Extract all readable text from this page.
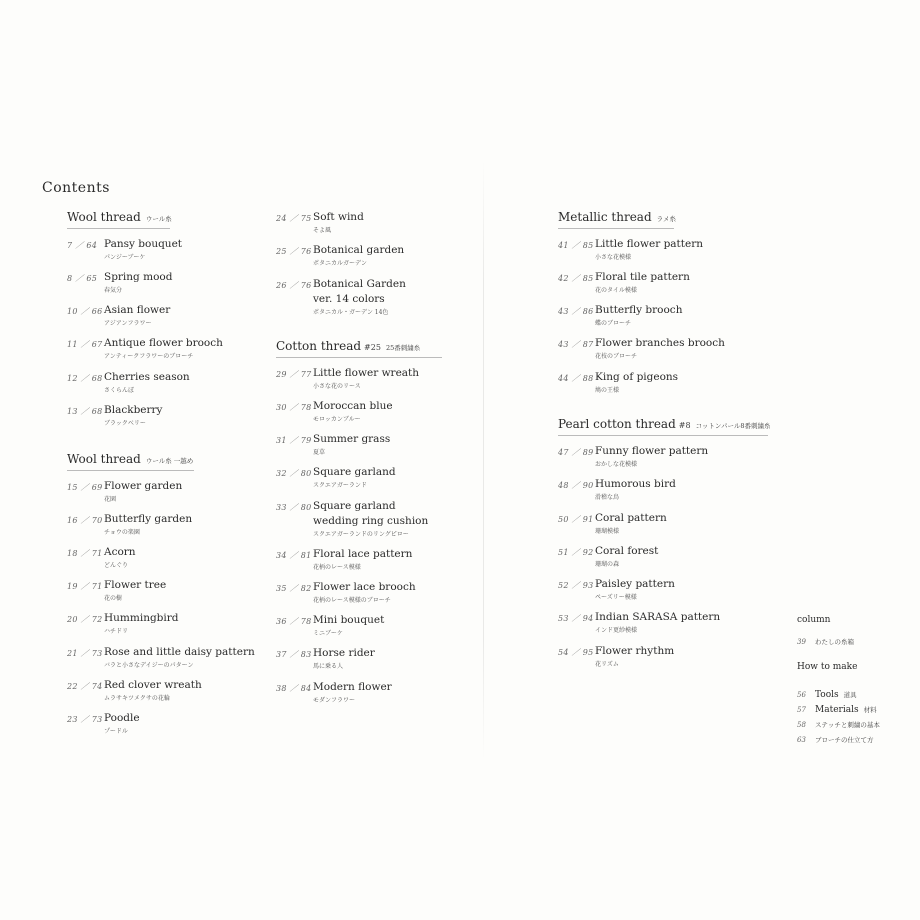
Contents
Wool thread ウール糸
7 ／ 64 Pansy bouquet
パンジーブーケ
8 ／ 65 Spring mood
春気分
10 ／ 66 Asian flower
アジアンフラワー
11 ／ 67 Antique flower brooch
アンティークフラワーのブローチ
12 ／ 68 Cherries season
さくらんぼ
13 ／ 68 Blackberry
ブラックベリー
Wool thread ウール糸 一越め
15 ／ 69 Flower garden
花園
16 ／ 70 Butterfly garden
チョウの楽園
18 ／ 71 Acorn
どんぐり
19 ／ 71 Flower tree
花の樹
20 ／ 72 Hummingbird
ハチドリ
21 ／ 73 Rose and little daisy pattern
バラと小さなデイジーのパターン
22 ／ 74 Red clover wreath
ムラサキツメクサの花輪
23 ／ 73 Poodle
プードル
24 ／ 75 Soft wind
そよ風
25 ／ 76 Botanical garden
ボタニカルガーデン
26 ／ 76 Botanical Garden
ver. 14 colors
ボタニカル・ガーデン 14色
Cotton thread #25 25番刺繍糸
29 ／ 77 Little flower wreath
小さな花のリース
30 ／ 78 Moroccan blue
モロッカンブルー
31 ／ 79 Summer grass
夏草
32 ／ 80 Square garland
スクエアガーランド
33 ／ 80 Square garland
wedding ring cushion
スクエアガーランドのリングピロー
34 ／ 81 Floral lace pattern
花柄のレース模様
35 ／ 82 Flower lace brooch
花柄のレース模様のブローチ
36 ／ 78 Mini bouquet
ミニブーケ
37 ／ 83 Horse rider
馬に乗る人
38 ／ 84 Modern flower
モダンフラワー
Metallic thread ラメ糸
41 ／ 85 Little flower pattern
小さな花模様
42 ／ 85 Floral tile pattern
花のタイル模様
43 ／ 86 Butterfly brooch
蝶のブローチ
43 ／ 87 Flower branches brooch
花枝のブローチ
44 ／ 88 King of pigeons
鳩の王様
Pearl cotton thread #8 コットンパール8番刺繍糸
47 ／ 89 Funny flower pattern
おかしな花模様
48 ／ 90 Humorous bird
滑稽な鳥
50 ／ 91 Coral pattern
珊瑚模様
51 ／ 92 Coral forest
珊瑚の森
52 ／ 93 Paisley pattern
ペーズリー模様
53 ／ 94 Indian SARASA pattern
インド更紗模様
54 ／ 95 Flower rhythm
花リズム
column
39 わたしの糸箱
How to make
56 Tools 道具
57 Materials 材料
58 ステッチと刺繍の基本
63 ブローチの仕立て方
